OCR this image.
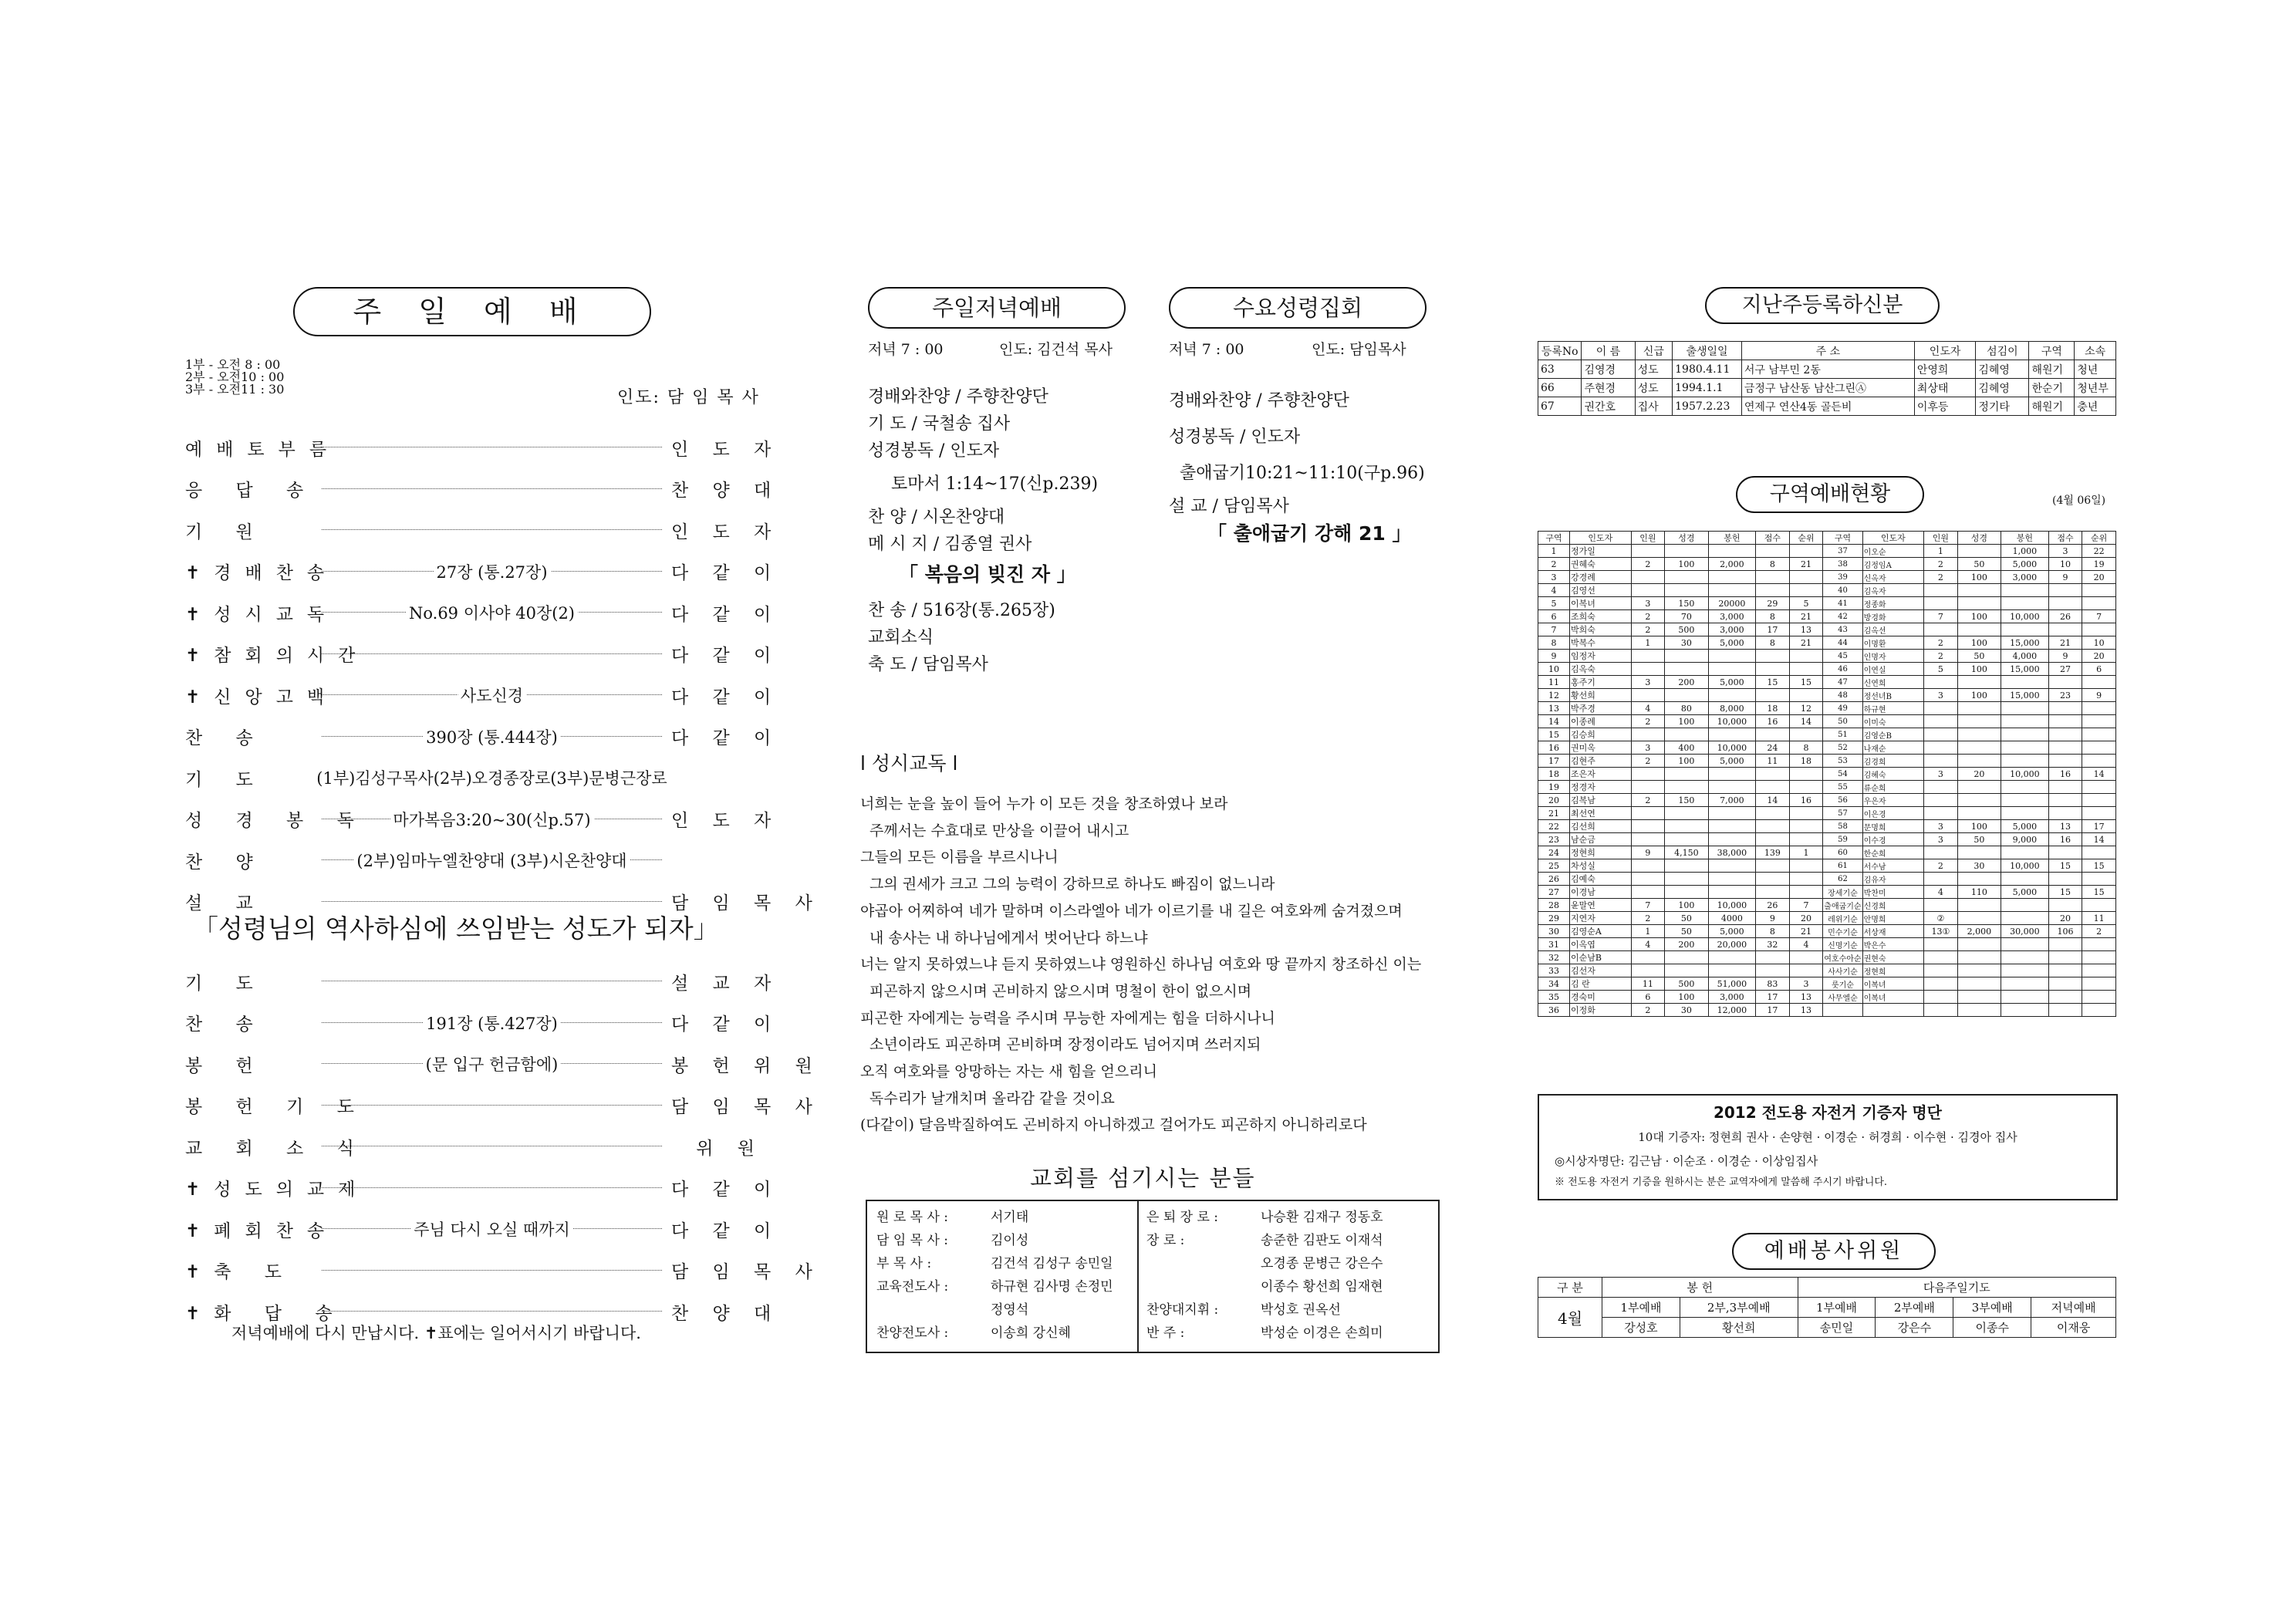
주 일 예 배
1부 - 오전 8 : 00
2부 - 오전10 : 00
3부 - 오전11 : 30	인도: 담 임 목 사
예배토부름	인 도 자
응 답 송	찬 양 대
기 원	인 도 자
✝경배찬송	27장 (통.27장)	다 같 이
✝성시교독	No.69 이사야 40장(2)	다 같 이
✝참회의시간	다 같 이
✝신앙고백	사도신경	다 같 이
찬 송	390장 (통.444장)	다 같 이
기 도	(1부)김성구목사(2부)오경종장로(3부)문병근장로
성 경 봉 독 마가복음3:20~30(신p.57)	인 도 자
찬 양	(2부)임마누엘찬양대 (3부)시온찬양대
설 교	담 임 목 사
「성령님의 역사하심에 쓰임받는 성도가 되자」
기 도	설 교 자
찬 송	191장 (통.427장)	다 같 이
봉 헌	(문 입구 헌금함에)	봉 헌 위 원
봉 헌 기 도	담 임 목 사
교 회 소 식	위 원
✝성도의교제	다 같 이
✝폐회찬송	주님 다시 오실 때까지	다 같 이
✝축 도	담 임 목 사
✝화 답 송	찬 양 대
저녁예배에 다시 만납시다. ✝표에는 일어서시기 바랍니다.
주일저녁예배
저녁 7 : 00	인도: 김건석 목사
경배와찬양 / 주향찬양단
기 도 / 국철송 집사
성경봉독 / 인도자
토마서 1:14~17(신p.239)
찬 양 / 시온찬양대
메 시 지 / 김종열 권사
「 복음의 빚진 자 」
찬 송 / 516장(통.265장)
교회소식
축 도 / 담임목사
수요성령집회
저녁 7 : 00	인도: 담임목사
경배와찬양 / 주향찬양단
성경봉독 / 인도자
출애굽기10:21~11:10(구p.96)
설 교 / 담임목사
「 출애굽기 강해 21 」
l 성시교독 l
너희는 눈을 높이 들어 누가 이 모든 것을 창조하였나 보라
주께서는 수효대로 만상을 이끌어 내시고
그들의 모든 이름을 부르시나니
그의 권세가 크고 그의 능력이 강하므로 하나도 빠짐이 없느니라
야곱아 어찌하여 네가 말하며 이스라엘아 네가 이르기를 내 길은 여호와께 숨겨졌으며
내 송사는 내 하나님에게서 벗어난다 하느냐
너는 알지 못하였느냐 듣지 못하였느냐 영원하신 하나님 여호와 땅 끝까지 창조하신 이는
피곤하지 않으시며 곤비하지 않으시며 명철이 한이 없으시며
피곤한 자에게는 능력을 주시며 무능한 자에게는 힘을 더하시나니
소년이라도 피곤하며 곤비하며 장정이라도 넘어지며 쓰러지되
오직 여호와를 앙망하는 자는 새 힘을 얻으리니
독수리가 날개치며 올라감 같을 것이요
(다같이) 달음박질하여도 곤비하지 아니하겠고 걸어가도 피곤하지 아니하리로다
교회를 섬기시는 분들
원 로 목 사 :	서기태
담 임 목 사 :	김이성
부 목 사 :	김건석 김성구 송민일
교육전도사 :	하규현 김사명 손정민
정영석
찬양전도사 :	이송희 강신혜
은 퇴 장 로 :	나승환 김재구 정동호
장 로 :	송준한 김판도 이재석
오경종 문병근 강은수
이종수 황선희 임재현
찬양대지휘 :	박성호 권옥선
반 주 :	박성순 이경은 손희미
지난주등록하신분
등록No	이 름	신급	출생일일	주 소	인도자	섬김이	구역	소속
63	김영경	성도	1980.4.11	서구 남부민 2동	안영희	김혜영	해원기	청년
66	주현경	성도	1994.1.1	금정구 남산동 남산그린Ⓐ	최상태	김혜영	한순기	청년부
67	권간호	집사	1957.2.23	연제구 연산4동 골든비	이후등	정기타	해원기	충년
구역예배현황	(4월 06일)
구역	인도자	인원	성경	봉헌	점수	순위	구역	인도자	인원	성경	봉헌	점수	순위
1	정가일						37	이오순	1		1,000	3	22
2	권혜숙	2	100	2,000	8	21	38	김정임A	2	50	5,000	10	19
3	강경례						39	신옥자	2	100	3,000	9	20
4	김영선						40	김옥자					
5	이복녀	3	150	20000	29	5	41	정종화					
6	조희숙	2	70	3,000	8	21	42	방경화	7	100	10,000	26	7
7	박희숙	2	500	3,000	17	13	43	김옥선					
8	박복수	1	30	5,000	8	21	44	이명환	2	100	15,000	21	10
9	임정자						45	인명자	2	50	4,000	9	20
10	김옥숙						46	이연실	5	100	15,000	27	6
11	홍주기	3	200	5,000	15	15	47	신연희					
12	황선희						48	정선녀B	3	100	15,000	23	9
13	박주경	4	80	8,000	18	12	49	하규현					
14	이종례	2	100	10,000	16	14	50	이미숙					
15	김승희						51	김영순B					
16	권미옥	3	400	10,000	24	8	52	나재순					
17	김현주	2	100	5,000	11	18	53	김경희					
18	조은자						54	김혜숙	3	20	10,000	16	14
19	정경자						55	류순희					
20	김복남	2	150	7,000	14	16	56	우은자					
21	최선연						57	이은경					
22	김선희						58	문명희	3	100	5,000	13	17
23	남순금						59	이수경	3	50	9,000	16	14
24	정현희	9	4,150	38,000	139	1	60	한순희					
25	차성실						61	서수남	2	30	10,000	15	15
26	김예숙						62	김유자					
27	이경남						장세기순	박찬미	4	110	5,000	15	15
28	윤말연	7	100	10,000	26	7	출애굽기순	신경희					
29	지연자	2	50	4000	9	20	레위기순	안명희	②			20	11
30	김영순A	1	50	5,000	8	21	민수기순	서상재	13①	2,000	30,000	106	2
31	이옥엽	4	200	20,000	32	4	신명기순	박은수					
32	이순남B						여호수아순	권현숙					
33	김선자						사사기순	정현희					
34	김 란	11	500	51,000	83	3	룻기순	이복녀					
35	경숙미	6	100	3,000	17	13	사무엘순	이복녀					
36	이정화	2	30	12,000	17	13							
2012 전도용 자전거 기증자 명단
10대 기증자: 정현희 권사 · 손양현 · 이경순 · 허경희 · 이수현 · 김경아 집사
◎시상자명단: 김근남 · 이순조 · 이경순 · 이상임집사
※ 전도용 자전거 기증을 원하시는 분은 교역자에게 말씀해 주시기 바랍니다.
예배봉사위원
구 분	봉 헌		다음주일기도			
4월	1부예배	2부,3부예배	1부예배	2부예배	3부예배	저녁예배
	강성호	황선희	송민일	강은수	이종수	이재웅
